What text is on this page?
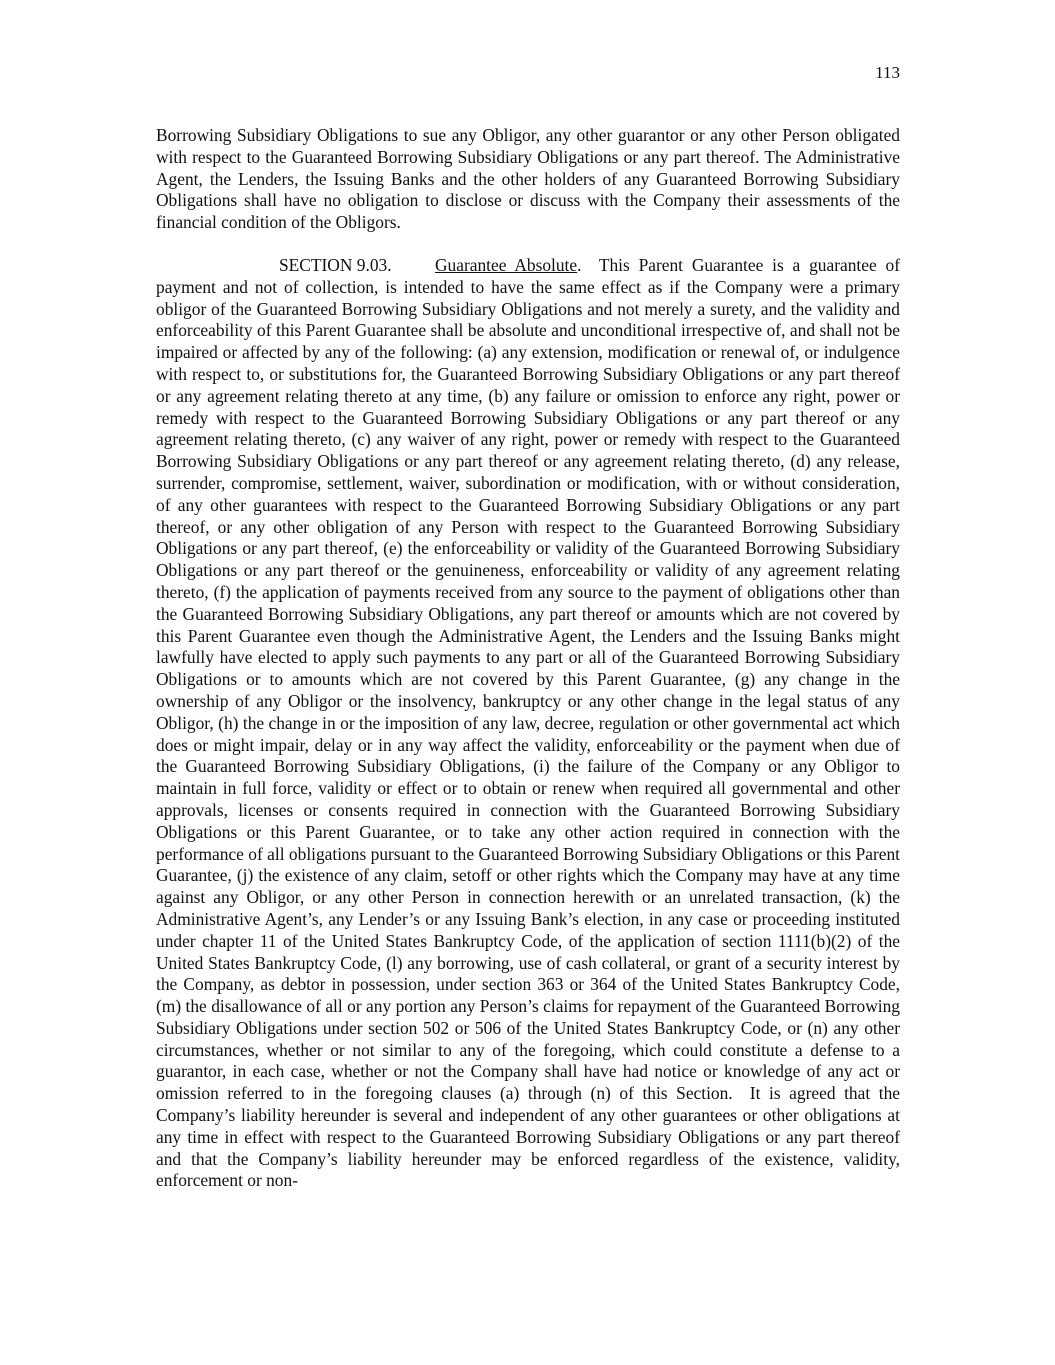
113

Borrowing Subsidiary Obligations to sue any Obligor, any other guarantor or any other Person obligated with respect to the Guaranteed Borrowing Subsidiary Obligations or any part thereof. The Administrative Agent, the Lenders, the Issuing Banks and the other holders of any Guaranteed Borrowing Subsidiary Obligations shall have no obligation to disclose or discuss with the Company their assessments of the financial condition of the Obligors.

SECTION 9.03. Guarantee Absolute.  This Parent Guarantee is a guarantee of payment and not of collection, is intended to have the same effect as if the Company were a primary obligor of the Guaranteed Borrowing Subsidiary Obligations and not merely a surety, and the validity and enforceability of this Parent Guarantee shall be absolute and unconditional irrespective of, and shall not be impaired or affected by any of the following: (a) any extension, modification or renewal of, or indulgence with respect to, or substitutions for, the Guaranteed Borrowing Subsidiary Obligations or any part thereof or any agreement relating thereto at any time, (b) any failure or omission to enforce any right, power or remedy with respect to the Guaranteed Borrowing Subsidiary Obligations or any part thereof or any agreement relating thereto, (c) any waiver of any right, power or remedy with respect to the Guaranteed Borrowing Subsidiary Obligations or any part thereof or any agreement relating thereto, (d) any release, surrender, compromise, settlement, waiver, subordination or modification, with or without consideration, of any other guarantees with respect to the Guaranteed Borrowing Subsidiary Obligations or any part thereof, or any other obligation of any Person with respect to the Guaranteed Borrowing Subsidiary Obligations or any part thereof, (e) the enforceability or validity of the Guaranteed Borrowing Subsidiary Obligations or any part thereof or the genuineness, enforceability or validity of any agreement relating thereto, (f) the application of payments received from any source to the payment of obligations other than the Guaranteed Borrowing Subsidiary Obligations, any part thereof or amounts which are not covered by this Parent Guarantee even though the Administrative Agent, the Lenders and the Issuing Banks might lawfully have elected to apply such payments to any part or all of the Guaranteed Borrowing Subsidiary Obligations or to amounts which are not covered by this Parent Guarantee, (g) any change in the ownership of any Obligor or the insolvency, bankruptcy or any other change in the legal status of any Obligor, (h) the change in or the imposition of any law, decree, regulation or other governmental act which does or might impair, delay or in any way affect the validity, enforceability or the payment when due of the Guaranteed Borrowing Subsidiary Obligations, (i) the failure of the Company or any Obligor to maintain in full force, validity or effect or to obtain or renew when required all governmental and other approvals, licenses or consents required in connection with the Guaranteed Borrowing Subsidiary Obligations or this Parent Guarantee, or to take any other action required in connection with the performance of all obligations pursuant to the Guaranteed Borrowing Subsidiary Obligations or this Parent Guarantee, (j) the existence of any claim, setoff or other rights which the Company may have at any time against any Obligor, or any other Person in connection herewith or an unrelated transaction, (k) the Administrative Agent’s, any Lender’s or any Issuing Bank’s election, in any case or proceeding instituted under chapter 11 of the United States Bankruptcy Code, of the application of section 1111(b)(2) of the United States Bankruptcy Code, (l) any borrowing, use of cash collateral, or grant of a security interest by the Company, as debtor in possession, under section 363 or 364 of the United States Bankruptcy Code, (m) the disallowance of all or any portion any Person’s claims for repayment of the Guaranteed Borrowing Subsidiary Obligations under section 502 or 506 of the United States Bankruptcy Code, or (n) any other circumstances, whether or not similar to any of the foregoing, which could constitute a defense to a guarantor, in each case, whether or not the Company shall have had notice or knowledge of any act or omission referred to in the foregoing clauses (a) through (n) of this Section.  It is agreed that the Company’s liability hereunder is several and independent of any other guarantees or other obligations at any time in effect with respect to the Guaranteed Borrowing Subsidiary Obligations or any part thereof and that the Company’s liability hereunder may be enforced regardless of the existence, validity, enforcement or non-
